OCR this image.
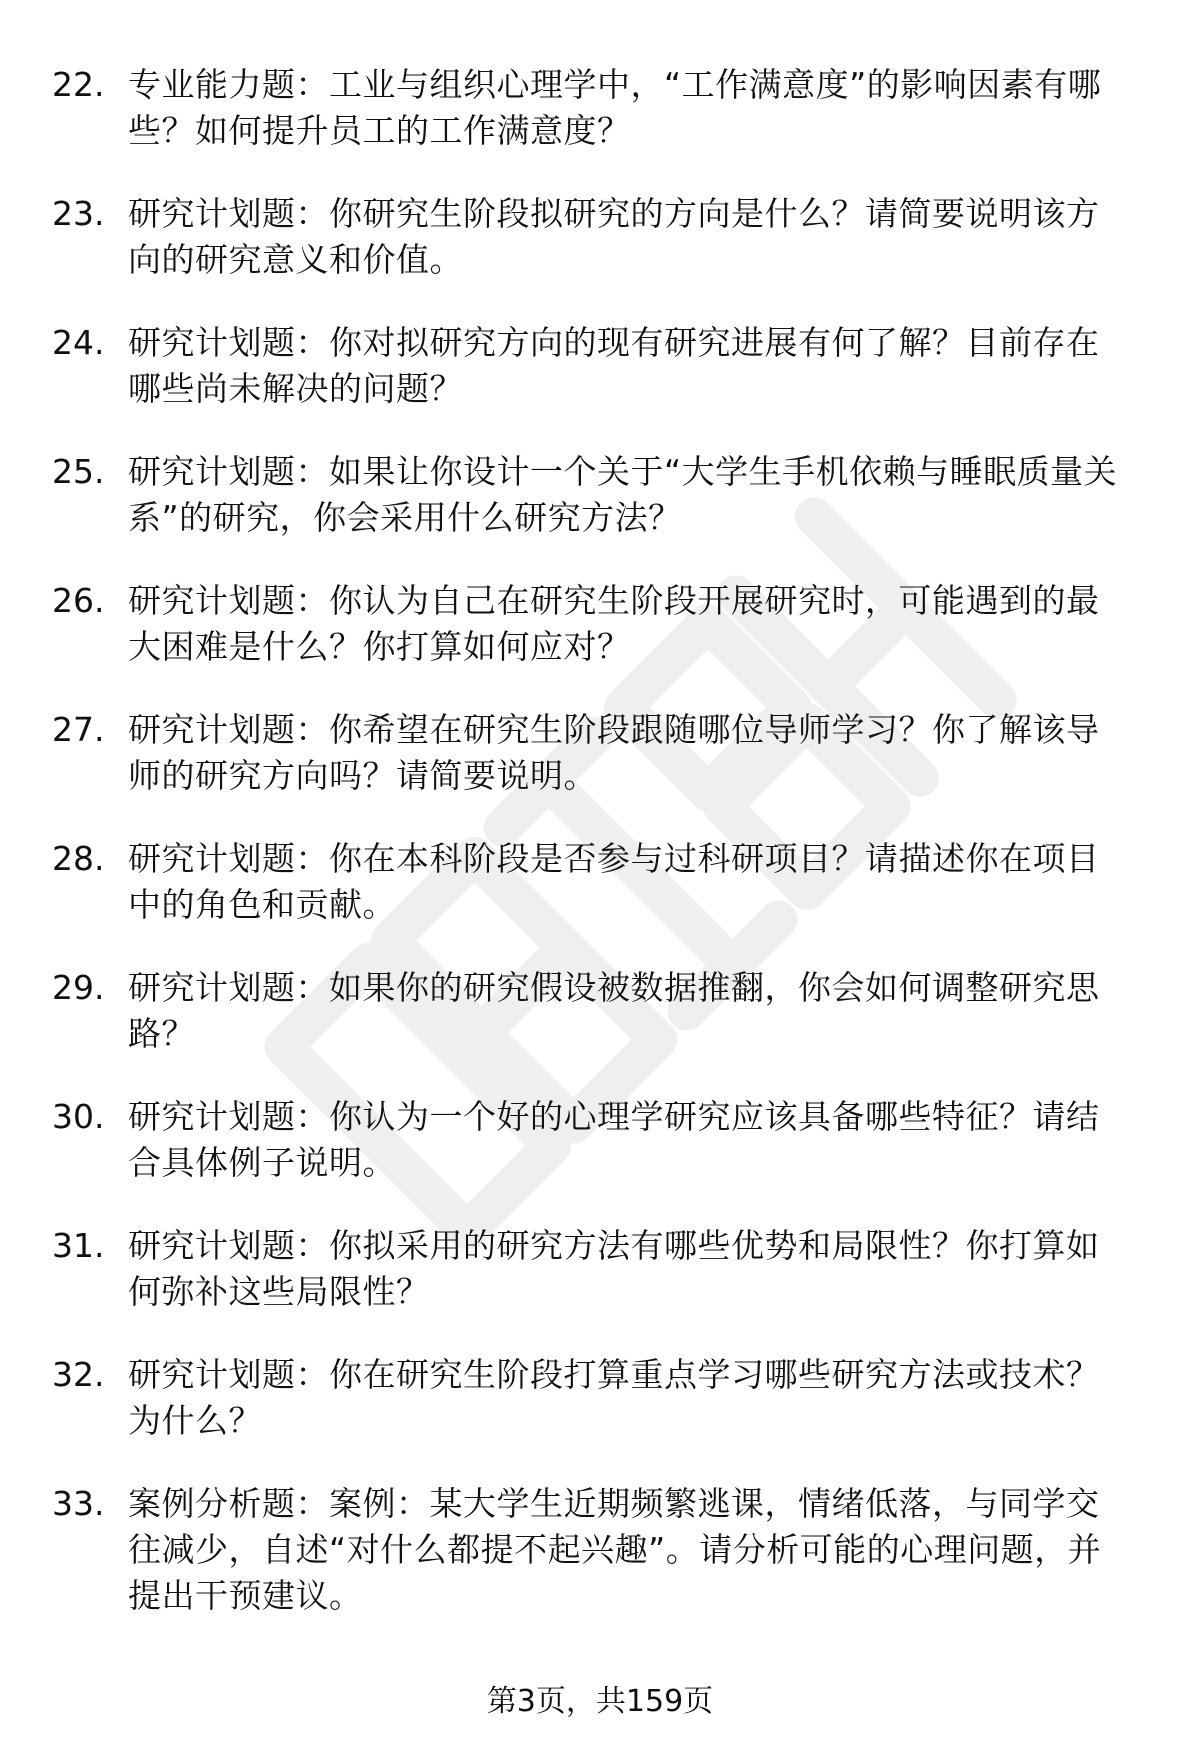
22. 专业能力题：工业与组织心理学中，“工作满意度”的影响因素有哪些？如何提升员工的工作满意度？
23. 研究计划题：你研究生阶段拟研究的方向是什么？请简要说明该方向的研究意义和价值。
24. 研究计划题：你对拟研究方向的现有研究进展有何了解？目前存在哪些尚未解决的问题？
25. 研究计划题：如果让你设计一个关于“大学生手机依赖与睡眠质量关系”的研究，你会采用什么研究方法？
26. 研究计划题：你认为自己在研究生阶段开展研究时，可能遇到的最大困难是什么？你打算如何应对？
27. 研究计划题：你希望在研究生阶段跟随哪位导师学习？你了解该导师的研究方向吗？请简要说明。
28. 研究计划题：你在本科阶段是否参与过科研项目？请描述你在项目中的角色和贡献。
29. 研究计划题：如果你的研究假设被数据推翻，你会如何调整研究思路？
30. 研究计划题：你认为一个好的心理学研究应该具备哪些特征？请结合具体例子说明。
31. 研究计划题：你拟采用的研究方法有哪些优势和局限性？你打算如何弥补这些局限性？
32. 研究计划题：你在研究生阶段打算重点学习哪些研究方法或技术？为什么？
33. 案例分析题：案例：某大学生近期频繁逃课，情绪低落，与同学交往减少，自述“对什么都提不起兴趣”。请分析可能的心理问题，并提出干预建议。
第3页，共159页
